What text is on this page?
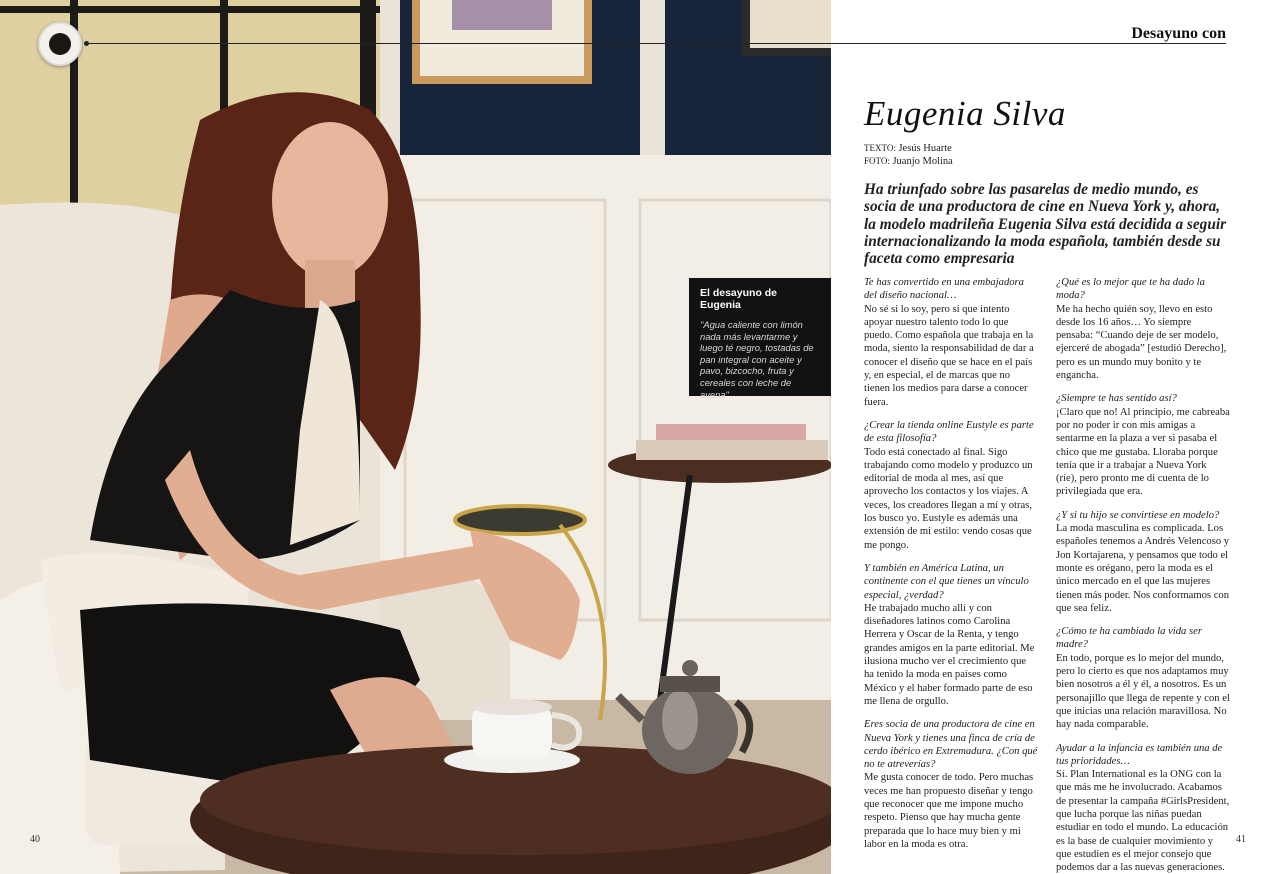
El desayuno de Eugenia
"Agua caliente con limón nada más levantarme y luego té negro, tostadas de pan integral con aceite y pavo, bizcocho, fruta y cereales con leche de avena"
40
Desayuno con
Eugenia Silva
TEXTO: Jesús Huarte
FOTO: Juanjo Molina
Ha triunfado sobre las pasarelas de medio mundo, es socia de una productora de cine en Nueva York y, ahora, la modelo madrileña Eugenia Silva está decidida a seguir internacionalizando la moda española, también desde su faceta como empresaria

Te has convertido en una embajadora del diseño nacional…

No sé si lo soy, pero sí que intento apoyar nuestro talento todo lo que puedo. Como española que trabaja en la moda, siento la responsabilidad de dar a conocer el diseño que se hace en el país y, en especial, el de marcas que no tienen los medios para darse a conocer fuera.

¿Crear la tienda online Eustyle es parte de esta filosofía?

Todo está conectado al final. Sigo trabajando como modelo y produzco un editorial de moda al mes, así que aprovecho los contactos y los viajes. A veces, los creadores llegan a mí y otras, los busco yo. Eustyle es además una extensión de mi estilo: vendo cosas que me pongo.

Y también en América Latina, un continente con el que tienes un vínculo especial, ¿verdad?

He trabajado mucho allí y con diseñadores latinos como Carolina Herrera y Oscar de la Renta, y tengo grandes amigos en la parte editorial. Me ilusiona mucho ver el crecimiento que ha tenido la moda en países como México y el haber formado parte de eso me llena de orgullo.

Eres socia de una productora de cine en Nueva York y tienes una finca de cría de cerdo ibérico en Extremadura. ¿Con qué no te atreverías?

Me gusta conocer de todo. Pero muchas veces me han propuesto diseñar y tengo que reconocer que me impone mucho respeto. Pienso que hay mucha gente preparada que lo hace muy bien y mi labor en la moda es otra.

¿Qué es lo mejor que te ha dado la moda?

Me ha hecho quién soy, llevo en esto desde los 16 años… Yo siempre pensaba: “Cuando deje de ser modelo, ejerceré de abogada” [estudió Derecho], pero es un mundo muy bonito y te engancha.

¿Siempre te has sentido así?

¡Claro que no! Al principio, me cabreaba por no poder ir con mis amigas a sentarme en la plaza a ver si pasaba el chico que me gustaba. Lloraba porque tenía que ir a trabajar a Nueva York (ríe), pero pronto me di cuenta de lo privilegiada que era.

¿Y si tu hijo se convirtiese en modelo?

La moda masculina es complicada. Los españoles tenemos a Andrés Velencoso y Jon Kortajarena, y pensamos que todo el monte es orégano, pero la moda es el único mercado en el que las mujeres tienen más poder. Nos conformamos con que sea feliz.

¿Cómo te ha cambiado la vida ser madre?

En todo, porque es lo mejor del mundo, pero lo cierto es que nos adaptamos muy bien nosotros a él y él, a nosotros. Es un personajillo que llega de repente y con el que inicias una relación maravillosa. No hay nada comparable.

Ayudar a la infancia es también una de tus prioridades…

Sí. Plan International es la ONG con la que más me he involucrado. Acabamos de presentar la campaña #GirlsPresident, que lucha porque las niñas puedan estudiar en todo el mundo. La educación es la base de cualquier movimiento y que estudien es el mejor consejo que podemos dar a las nuevas generaciones.

41
